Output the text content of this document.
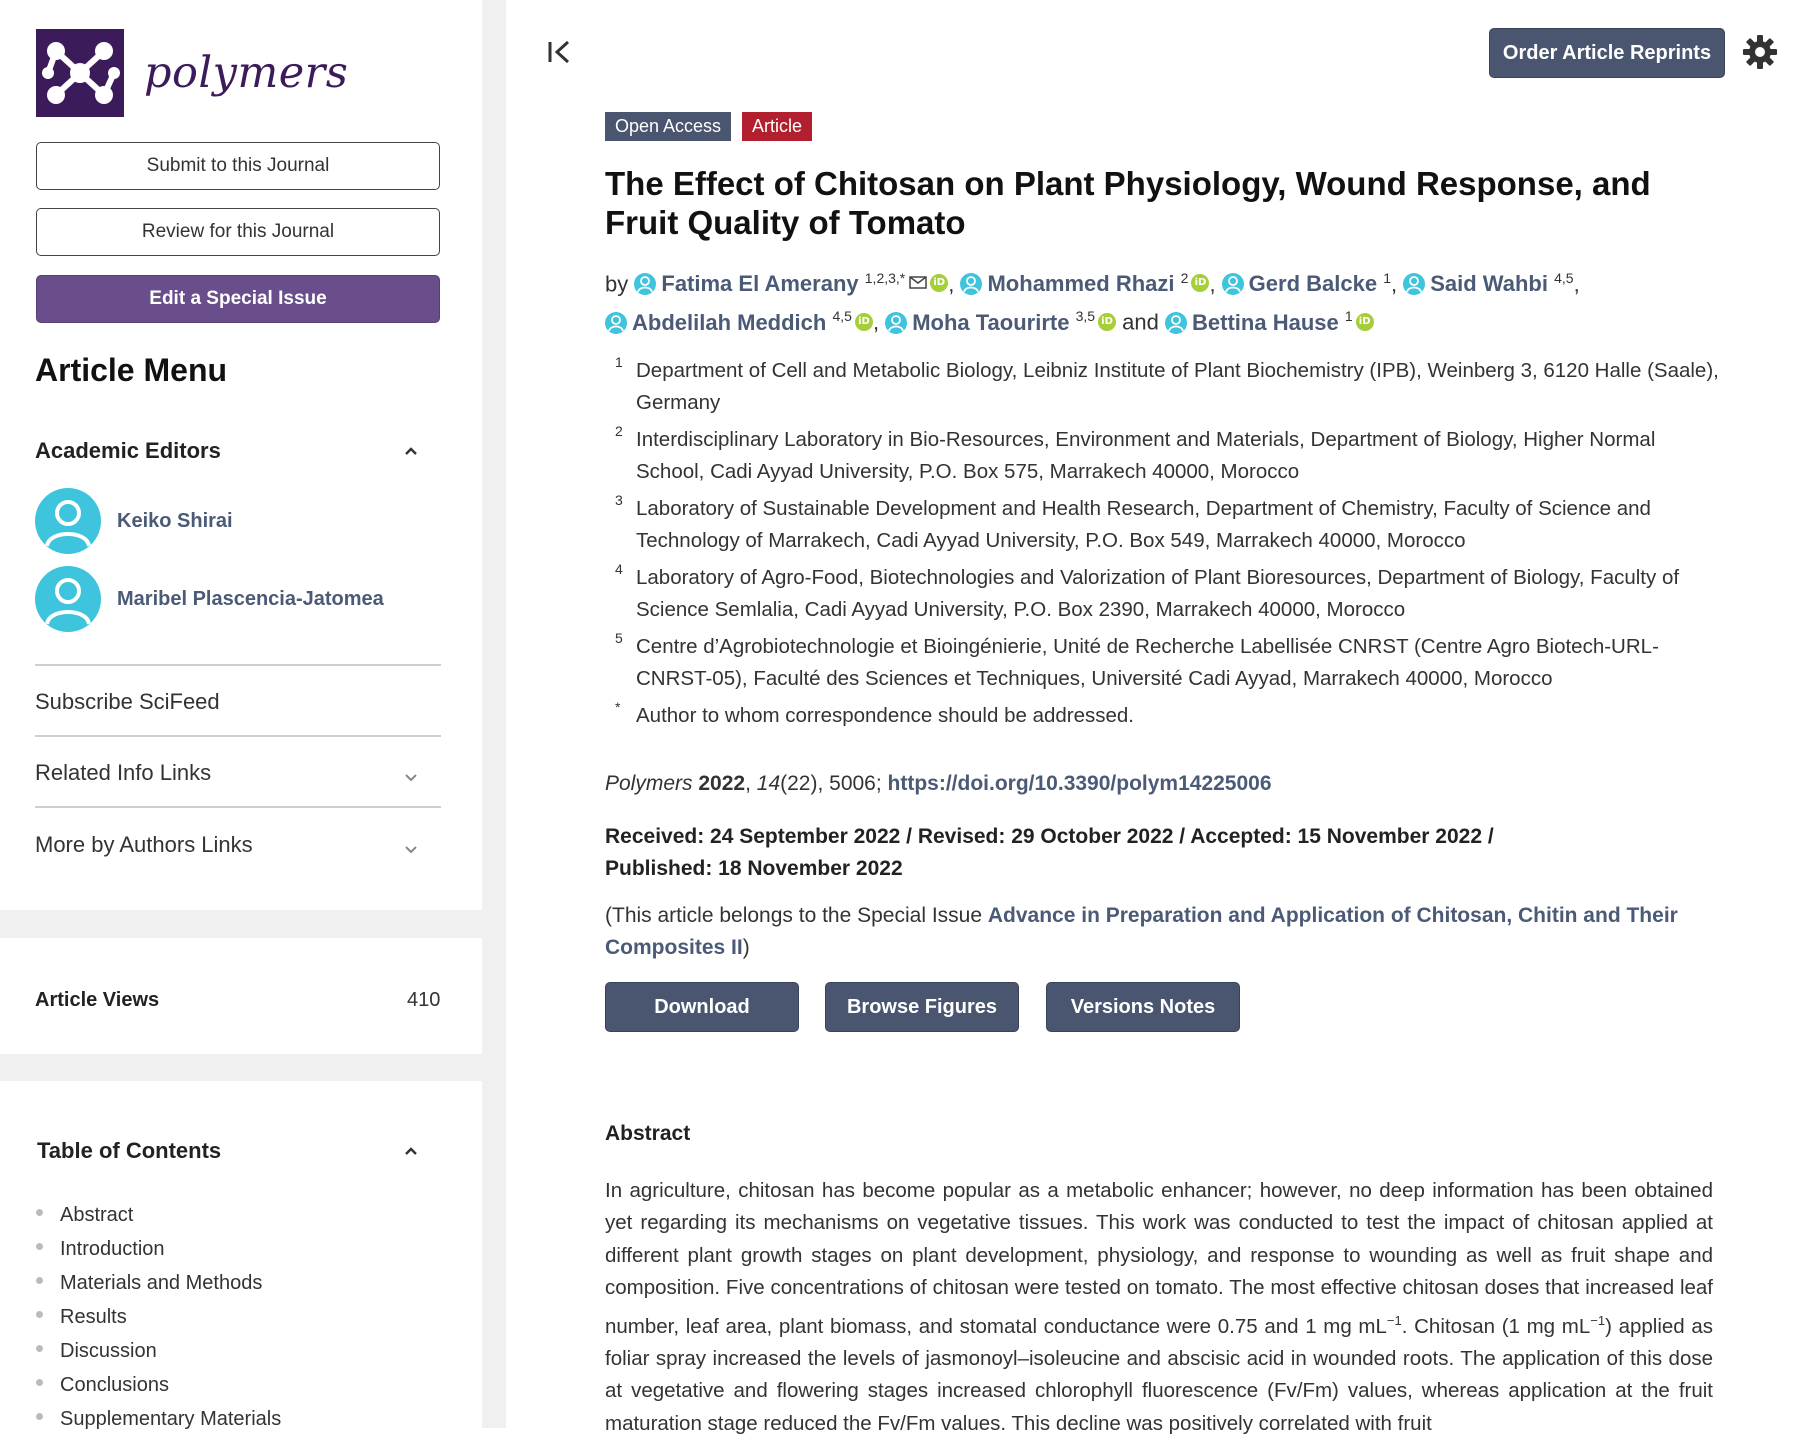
polymers
Submit to this Journal
Review for this Journal
Edit a Special Issue
Article Menu
Academic Editors
Keiko Shirai
Maribel Plascencia-Jatomea
Subscribe SciFeed
Related Info Links
More by Authors Links
Article Views	410
Table of Contents
Abstract
Introduction
Materials and Methods
Results
Discussion
Conclusions
Supplementary Materials
Order Article Reprints
Open Access	Article
The Effect of Chitosan on Plant Physiology, Wound Response, and Fruit Quality of Tomato
by Fatima El Amerany $^{1,2,3,*}$	iD ,
Mohammed Rhazi $^2$ iD ,
Gerd Balcke $^1$,
Said Wahbi $^{4,5}$,

Abdelilah Meddich $^{4,5}$ iD ,
Moha Taourirte $^{3,5}$ iD and Bettina Hause $^1$ iD
1 Department of Cell and Metabolic Biology, Leibniz Institute of Plant Biochemistry (IPB), Weinberg 3, 6120 Halle (Saale), Germany
2 Interdisciplinary Laboratory in Bio-Resources, Environment and Materials, Department of Biology, Higher Normal School, Cadi Ayyad University, P.O. Box 575, Marrakech 40000, Morocco
3 Laboratory of Sustainable Development and Health Research, Department of Chemistry, Faculty of Science and Technology of Marrakech, Cadi Ayyad University, P.O. Box 549, Marrakech 40000, Morocco
4 Laboratory of Agro-Food, Biotechnologies and Valorization of Plant Bioresources, Department of Biology, Faculty of Science Semlalia, Cadi Ayyad University, P.O. Box 2390, Marrakech 40000, Morocco
5 Centre d’Agrobiotechnologie et Bioingénierie, Unité de Recherche Labellisée CNRST (Centre Agro Biotech-URL-CNRST-05), Faculté des Sciences et Techniques, Université Cadi Ayyad, Marrakech 40000, Morocco
* Author to whom correspondence should be addressed.
Polymers 2022, 14(22), 5006; https://doi.org/10.3390/polym14225006
Received: 24 September 2022 / Revised: 29 October 2022 / Accepted: 15 November 2022 /
Published: 18 November 2022
(This article belongs to the Special Issue Advance in Preparation and Application of Chitosan, Chitin and Their Composites II)
Download	Browse Figures	Versions Notes
Abstract

In agriculture, chitosan has become popular as a metabolic enhancer; however, no deep information has been obtained yet regarding its mechanisms on vegetative tissues. This work was conducted to test the impact of chitosan applied at different plant growth stages on plant development, physiology, and response to wounding as well as fruit shape and composition. Five concentrations of chitosan were tested on tomato. The most effective chitosan doses that increased leaf number, leaf area, plant biomass, and stomatal conductance were 0.75 and 1 mg $mL^{-1}$. Chitosan (1 mg $mL^{-1}$) applied as foliar spray increased the levels of jasmonoyl–isoleucine and abscisic acid in wounded roots. The application of this dose at vegetative and flowering stages increased chlorophyll fluorescence (Fv/Fm) values, whereas application at the fruit maturation stage reduced the Fv/Fm values. This decline was positively correlated with fruit
